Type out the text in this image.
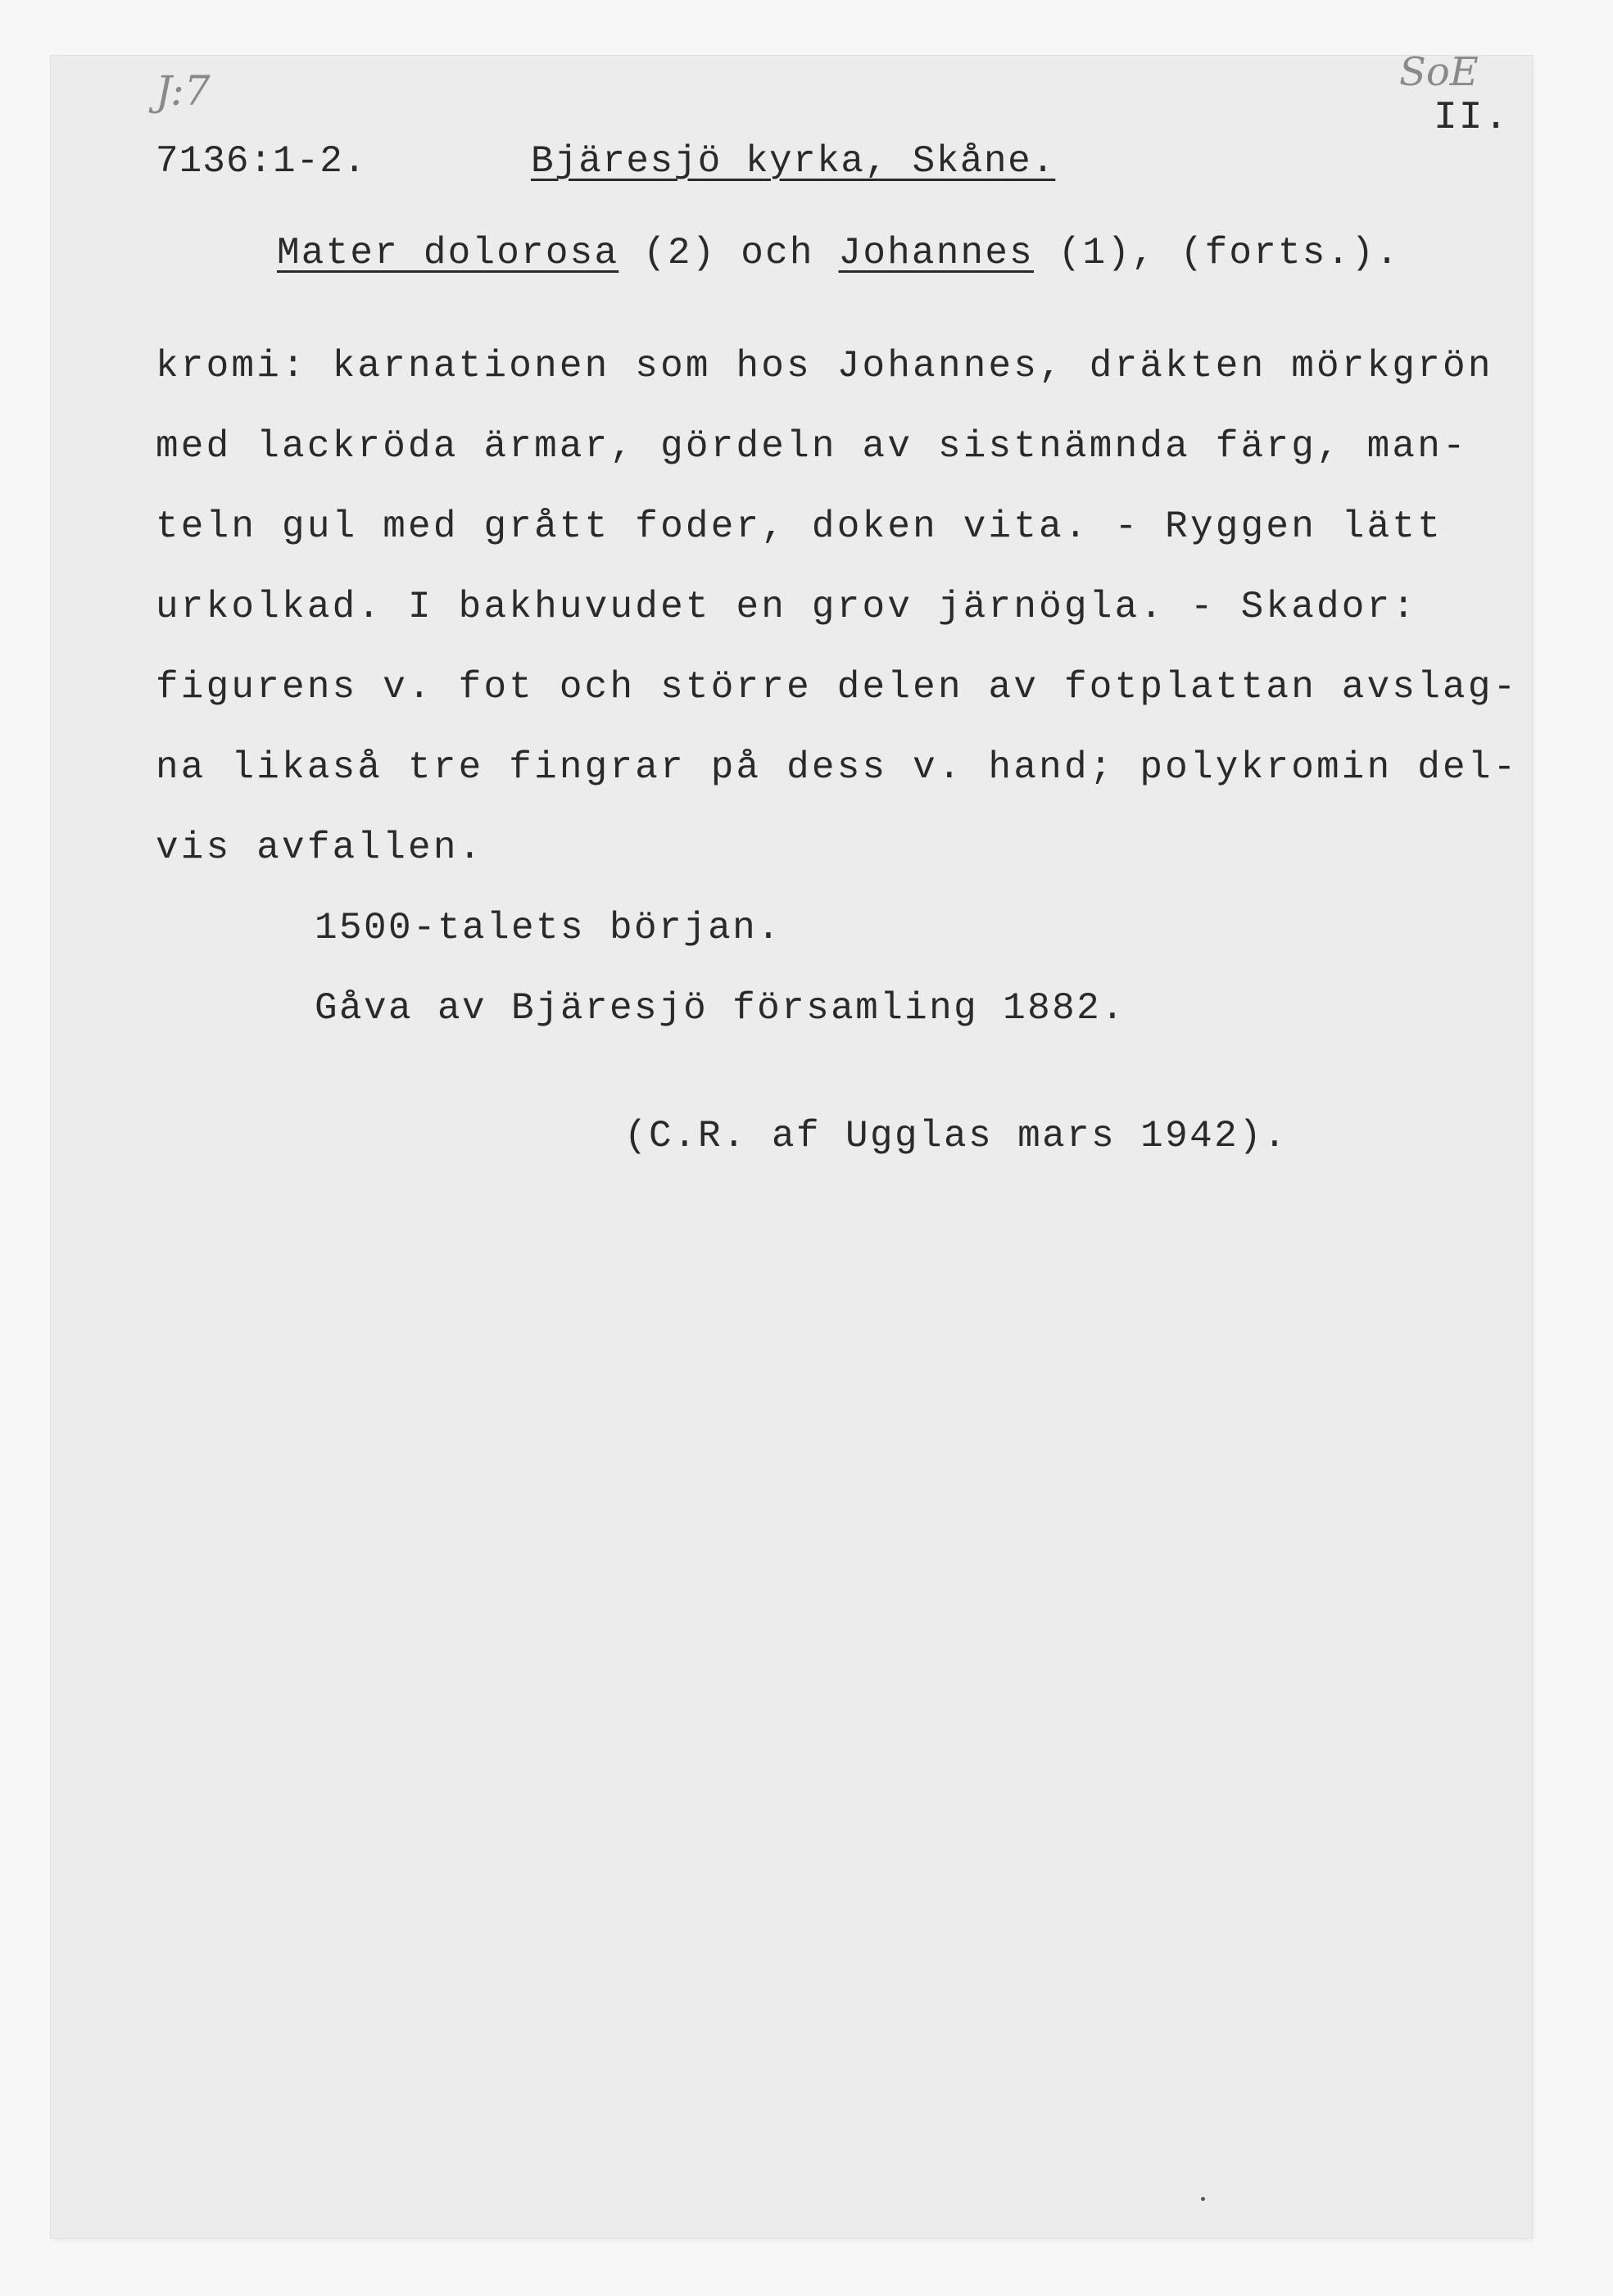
J:7	SoE
II.
7136:1-2.	Bjäresjö kyrka, Skåne.
Mater dolorosa (2) och Johannes (1), (forts.).
kromi: karnationen som hos Johannes, dräkten mörkgrön
med lackröda ärmar, gördeln av sistnämnda färg, man-
teln gul med grått foder, doken vita. - Ryggen lätt
urkolkad. I bakhuvudet en grov järnögla. - Skador:
figurens v. fot och större delen av fotplattan avslag-
na likaså tre fingrar på dess v. hand; polykromin del-
vis avfallen.
1500-talets början.
Gåva av Bjäresjö församling 1882.
(C.R. af Ugglas mars 1942).
